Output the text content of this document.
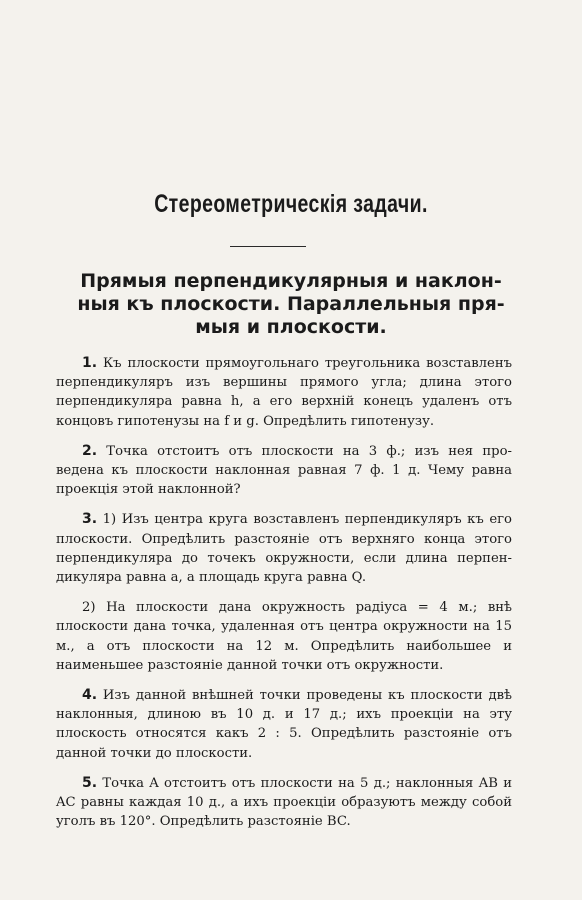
Стереометрическія задачи.
Прямыя перпендикулярныя и наклон-
ныя къ плоскости. Параллельныя пря-
мыя и плоскости.

1. Къ плоскости прямоугольнаго треугольника возставленъ перпендикуляръ изъ вершины прямого угла; длина этого перпендикуляра равна h, а его верхній конецъ удаленъ отъ концовъ гипотенузы на f и g. Опредѣлить гипотенузу.

2. Точка отстоитъ отъ плоскости на 3 ф.; изъ нея про- ведена къ плоскости наклонная равная 7 ф. 1 д. Чему равна проекція этой наклонной?

3. 1) Изъ центра круга возставленъ перпендикуляръ къ его плоскости. Опредѣлить разстояніе отъ верхняго конца этого перпендикуляра до точекъ окружности, если длина перпен- дикуляра равна a, а площадь круга равна Q.

2) На плоскости дана окружность радіуса = 4 м.; внѣ плоскости дана точка, удаленная отъ центра окружности на 15 м., а отъ плоскости на 12 м. Опредѣлить наибольшее и наименьшее разстояніе данной точки отъ окружности.

4. Изъ данной внѣшней точки проведены къ плоскости двѣ наклонныя, длиною въ 10 д. и 17 д.; ихъ проекціи на эту плоскость относятся какъ 2 : 5. Опредѣлить разстояніе отъ данной точки до плоскости.

5. Точка A отстоитъ отъ плоскости на 5 д.; наклонныя AB и AC равны каждая 10 д., а ихъ проекціи образуютъ между собой уголъ въ 120°. Опредѣлить разстояніе BC.
